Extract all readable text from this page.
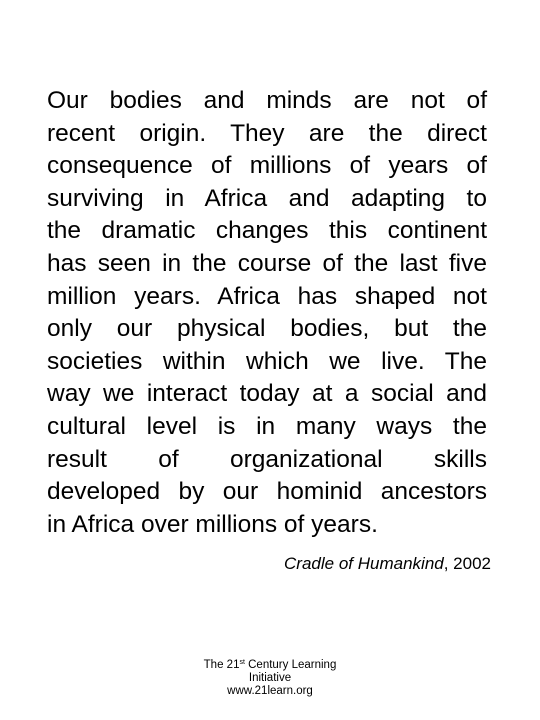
Our bodies and minds are not of
recent origin. They are the direct
consequence of millions of years of
surviving in Africa and adapting to
the dramatic changes this continent
has seen in the course of the last five
million years. Africa has shaped not
only our physical bodies, but the
societies within which we live. The
way we interact today at a social and
cultural level is in many ways the
result of organizational skills
developed by our hominid ancestors
in Africa over millions of years.

Cradle of Humankind, 2002

The 21st Century Learning
Initiative
www.21learn.org
